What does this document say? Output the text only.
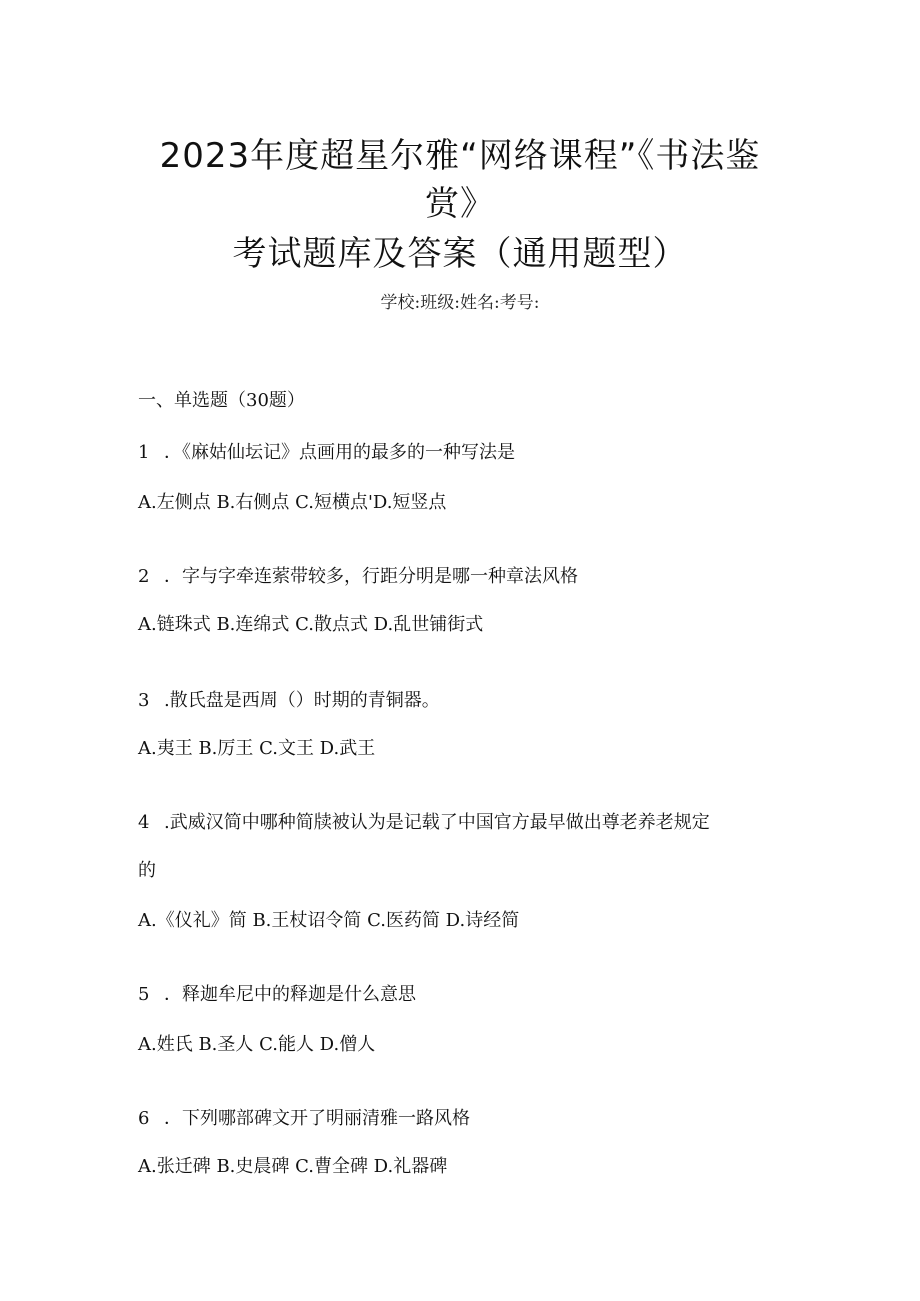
2023年度超星尔雅“网络课程”《书法鉴
赏》
考试题库及答案（通用题型）
学校:班级:姓名:考号:
一、单选题（30题）
1 ．《麻姑仙坛记》点画用的最多的一种写法是
A.左侧点 B.右侧点 C.短横点'D.短竖点
2 ．字与字牵连萦带较多，行距分明是哪一种章法风格
A.链珠式 B.连绵式 C.散点式 D.乱世铺街式
3 .散氏盘是西周（）时期的青铜器。
A.夷王 B.厉王 C.文王 D.武王
4 .武威汉简中哪种简牍被认为是记载了中国官方最早做出尊老养老规定
的
A.《仪礼》简 B.王杖诏令简 C.医药简 D.诗经简
5 ．释迦牟尼中的释迦是什么意思
A.姓氏 B.圣人 C.能人 D.僧人
6 ．下列哪部碑文开了明丽清雅一路风格
A.张迁碑 B.史晨碑 C.曹全碑 D.礼器碑
